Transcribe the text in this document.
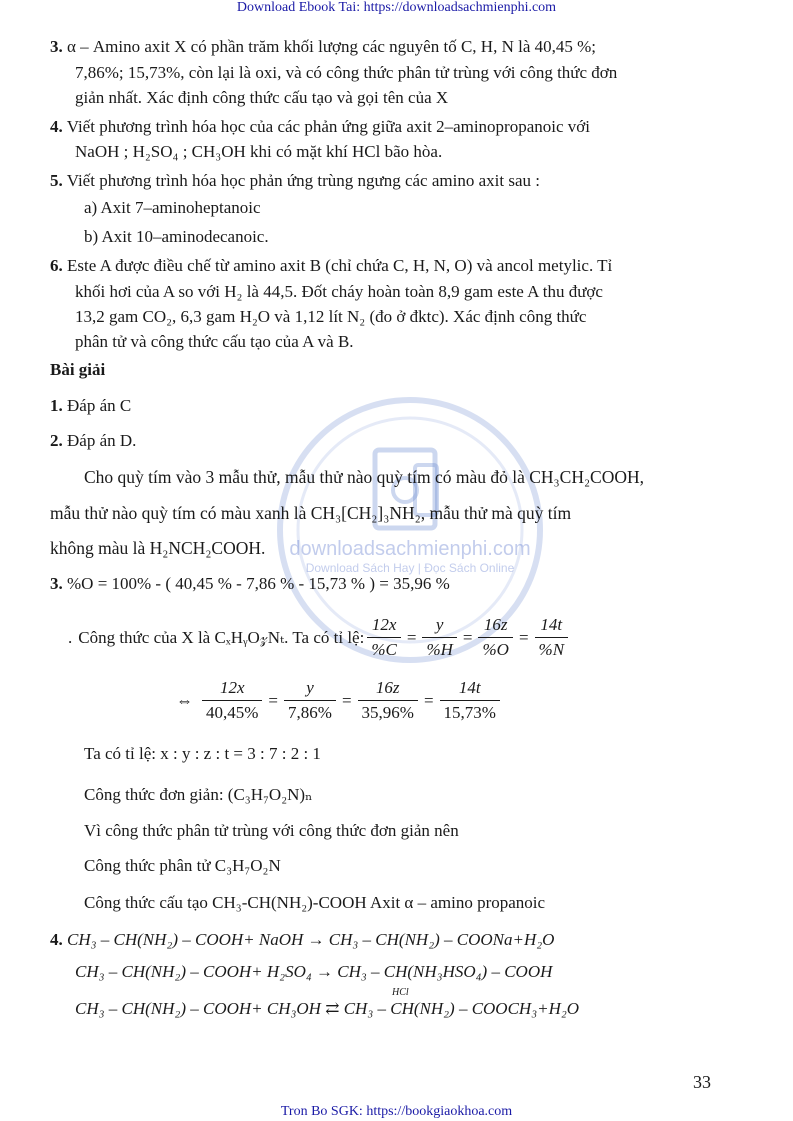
Download Ebook Tai: https://downloadsachmienphi.com
downloadsachmienphi.com
Download Sách Hay | Đọc Sách Online
3. α – Amino axit X có phần trăm khối lượng các nguyên tố C, H, N là 40,45 %;
7,86%; 15,73%, còn lại là oxi, và có công thức phân tử trùng với công thức đơn
giản nhất. Xác định công thức cấu tạo và gọi tên của X
4. Viết phương trình hóa học của các phản ứng giữa axit 2–aminopropanoic với
NaOH ; H₂SO₄ ; CH₃OH khi có mặt khí HCl bão hòa.
5. Viết phương trình hóa học phản ứng trùng ngưng các amino axit sau :
a) Axit 7–aminoheptanoic
b) Axit 10–aminodecanoic.
6. Este A được điều chế từ amino axit B (chỉ chứa C, H, N, O) và ancol metylic. Tỉ
khối hơi của A so với H₂ là 44,5. Đốt cháy hoàn toàn 8,9 gam este A thu được
13,2 gam CO₂, 6,3 gam H₂O và 1,12 lít N₂ (đo ở đktc). Xác định công thức
phân tử và công thức cấu tạo của A và B.
Bài giải
1. Đáp án C
2. Đáp án D.
Cho quỳ tím vào 3 mẫu thử, mẫu thử nào quỳ tím có màu đỏ là CH₃CH₂COOH,
mẫu thử nào quỳ tím có màu xanh là CH₃[CH₂]₃NH₂, mẫu thử mà quỳ tím
không màu là H₂NCH₂COOH.
3. %O = 100% - ( 40,45 % - 7,86 % - 15,73 % ) = 35,96 %
. Công thức của X là CₓHᵧO𝓏Nₜ. Ta có tỉ lệ: $\frac{12x}{\%C} = \frac{y}{\%H} = \frac{16z}{\%O} = \frac{14t}{\%N}$
⇔ $\frac{12x}{40,45\%} = \frac{y}{7,86\%} = \frac{16z}{35,96\%} = \frac{14t}{15,73\%}$
Ta có tỉ lệ: x : y : z : t = 3 : 7 : 2 : 1
Công thức đơn giản: (C₃H₇O₂N)ₙ
Vì công thức phân tử trùng với công thức đơn giản nên
Công thức phân tử C₃H₇O₂N
Công thức cấu tạo CH₃-CH(NH₂)-COOH Axit α – amino propanoic
4. CH₃ – CH(NH₂) – COOH+ NaOH → CH₃ – CH(NH₂) – COONa+H₂O
CH₃ – CH(NH₂) – COOH+ H₂SO₄ → CH₃ – CH(NH₃HSO₄) – COOH
CH₃ – CH(NH₂) – COOH+ CH₃OH ⇄ CH₃ – CH(NH₂) – COOCH₃+H₂O
HCl
33
Tron Bo SGK: https://bookgiaokhoa.com
